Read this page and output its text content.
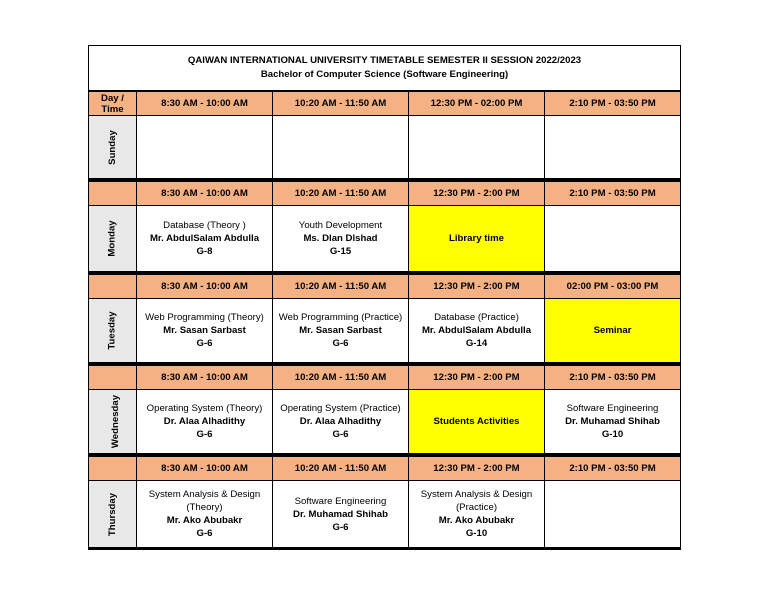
QAIWAN INTERNATIONAL UNIVERSITY TIMETABLE SEMESTER II SESSION 2022/2023
Bachelor of Computer Science (Software Engineering)				

Day /
Time	8:30 AM - 10:00 AM	10:20 AM - 11:50 AM	12:30 PM - 02:00 PM	2:10 PM - 03:50 PM
Sunday				
	8:30 AM - 10:00 AM	10:20 AM - 11:50 AM	12:30 PM - 2:00 PM	2:10 PM - 03:50 PM
Monday	Database (Theory )
Mr. AbdulSalam Abdulla
G-8	Youth Development
Ms. Dlan Dlshad
G-15	Library time	

	8:30 AM - 10:00 AM	10:20 AM - 11:50 AM	12:30 PM - 2:00 PM	02:00 PM - 03:00 PM
Tuesday	Web Programming (Theory)
Mr. Sasan Sarbast
G-6	Web Programming (Practice)
Mr. Sasan Sarbast
G-6	Database (Practice)
Mr. AbdulSalam Abdulla
G-14	Seminar

	8:30 AM - 10:00 AM	10:20 AM - 11:50 AM	12:30 PM - 2:00 PM	2:10 PM - 03:50 PM
Wednesday	Operating System (Theory)
Dr. Alaa Alhadithy
G-6	Operating System (Practice)
Dr. Alaa Alhadithy
G-6	Students Activities	Software Engineering
Dr. Muhamad Shihab
G-10

	8:30 AM - 10:00 AM	10:20 AM - 11:50 AM	12:30 PM - 2:00 PM	2:10 PM - 03:50 PM
Thursday	System Analysis & Design
(Theory)
Mr. Ako Abubakr
G-6	Software Engineering
Dr. Muhamad Shihab
G-6	System Analysis & Design
(Practice)
Mr. Ako Abubakr
G-10	
